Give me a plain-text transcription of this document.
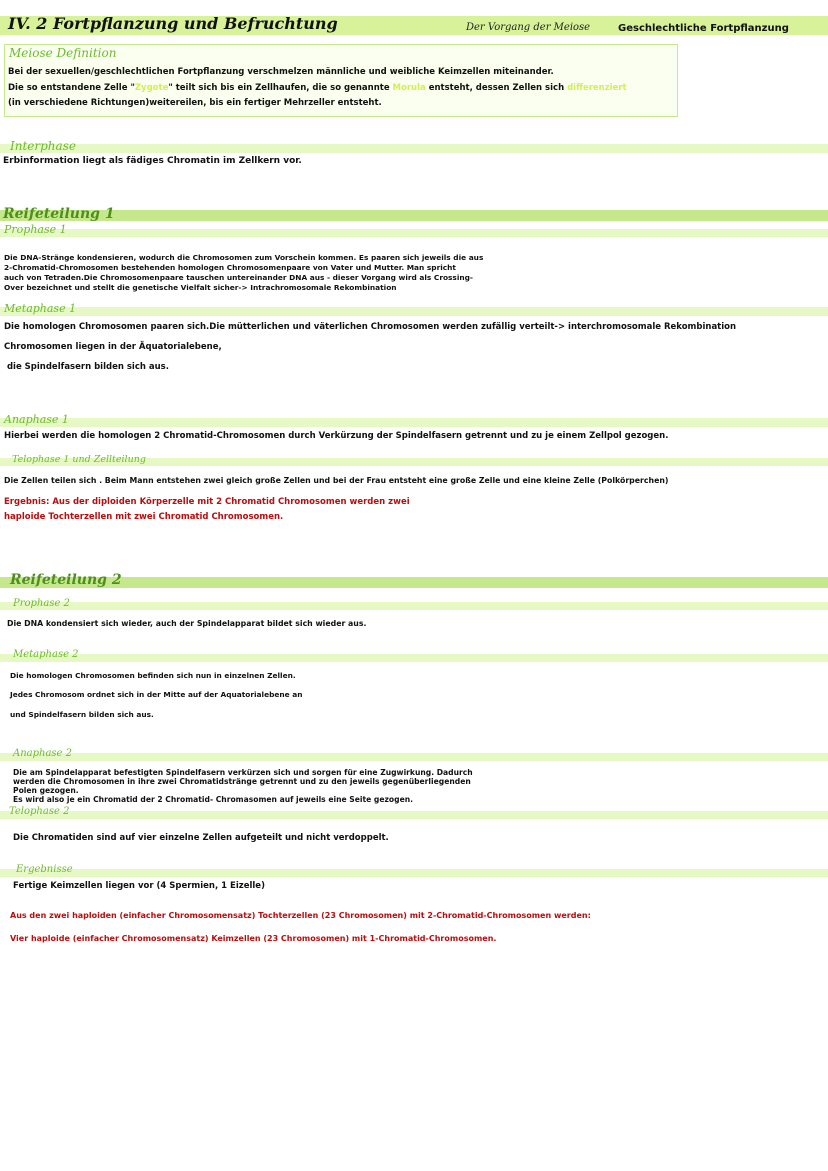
IV. 2 Fortpflanzung und Befruchtung	Der Vorgang der Meiose	Geschlechtliche Fortpflanzung
Meiose Definition
Bei der sexuellen/geschlechtlichen Fortpflanzung verschmelzen männliche und weibliche Keimzellen miteinander.
Die so entstandene Zelle "Zygote" teilt sich bis ein Zellhaufen, die so genannte Morula entsteht, dessen Zellen sich differenziert
(in verschiedene Richtungen)weitereilen, bis ein fertiger Mehrzeller entsteht.
Interphase
Erbinformation liegt als fädiges Chromatin im Zellkern vor.
Reifeteilung 1
Prophase 1
Die DNA-Stränge kondensieren, wodurch die Chromosomen zum Vorschein kommen. Es paaren sich jeweils die aus
2-Chromatid-Chromosomen bestehenden homologen Chromosomenpaare von Vater und Mutter. Man spricht
auch von Tetraden.Die Chromosomenpaare tauschen untereinander DNA aus - dieser Vorgang wird als Crossing-
Over bezeichnet und stellt die genetische Vielfalt sicher-> Intrachromosomale Rekombination
Metaphase 1
Die homologen Chromosomen paaren sich.Die mütterlichen und väterlichen Chromosomen werden zufällig verteilt-> interchromosomale Rekombination
Chromosomen liegen in der Äquatorialebene,
die Spindelfasern bilden sich aus.
Anaphase 1
Hierbei werden die homologen 2 Chromatid-Chromosomen durch Verkürzung der Spindelfasern getrennt und zu je einem Zellpol gezogen.
Telophase 1 und Zellteilung
Die Zellen teilen sich . Beim Mann entstehen zwei gleich große Zellen und bei der Frau entsteht eine große Zelle und eine kleine Zelle (Polkörperchen)
Ergebnis: Aus der diploiden Körperzelle mit 2 Chromatid Chromosomen werden zwei
haploide Tochterzellen mit zwei Chromatid Chromosomen.
Reifeteilung 2
Prophase 2
Die DNA kondensiert sich wieder, auch der Spindelapparat bildet sich wieder aus.
Metaphase 2
Die homologen Chromosomen befinden sich nun in einzelnen Zellen.
Jedes Chromosom ordnet sich in der Mitte auf der Aquatorialebene an
und Spindelfasern bilden sich aus.
Anaphase 2
Die am Spindelapparat befestigten Spindelfasern verkürzen sich und sorgen für eine Zugwirkung. Dadurch
werden die Chromosomen in ihre zwei Chromatidstränge getrennt und zu den jeweils gegenüberliegenden
Polen gezogen.
Es wird also je ein Chromatid der 2 Chromatid- Chromasomen auf jeweils eine Seite gezogen.
Telophase 2
Die Chromatiden sind auf vier einzelne Zellen aufgeteilt und nicht verdoppelt.
Ergebnisse
Fertige Keimzellen liegen vor (4 Spermien, 1 Eizelle)
Aus den zwei haploiden (einfacher Chromosomensatz) Tochterzellen (23 Chromosomen) mit 2-Chromatid-Chromosomen werden:
Vier haploide (einfacher Chromosomensatz) Keimzellen (23 Chromosomen) mit 1-Chromatid-Chromosomen.
